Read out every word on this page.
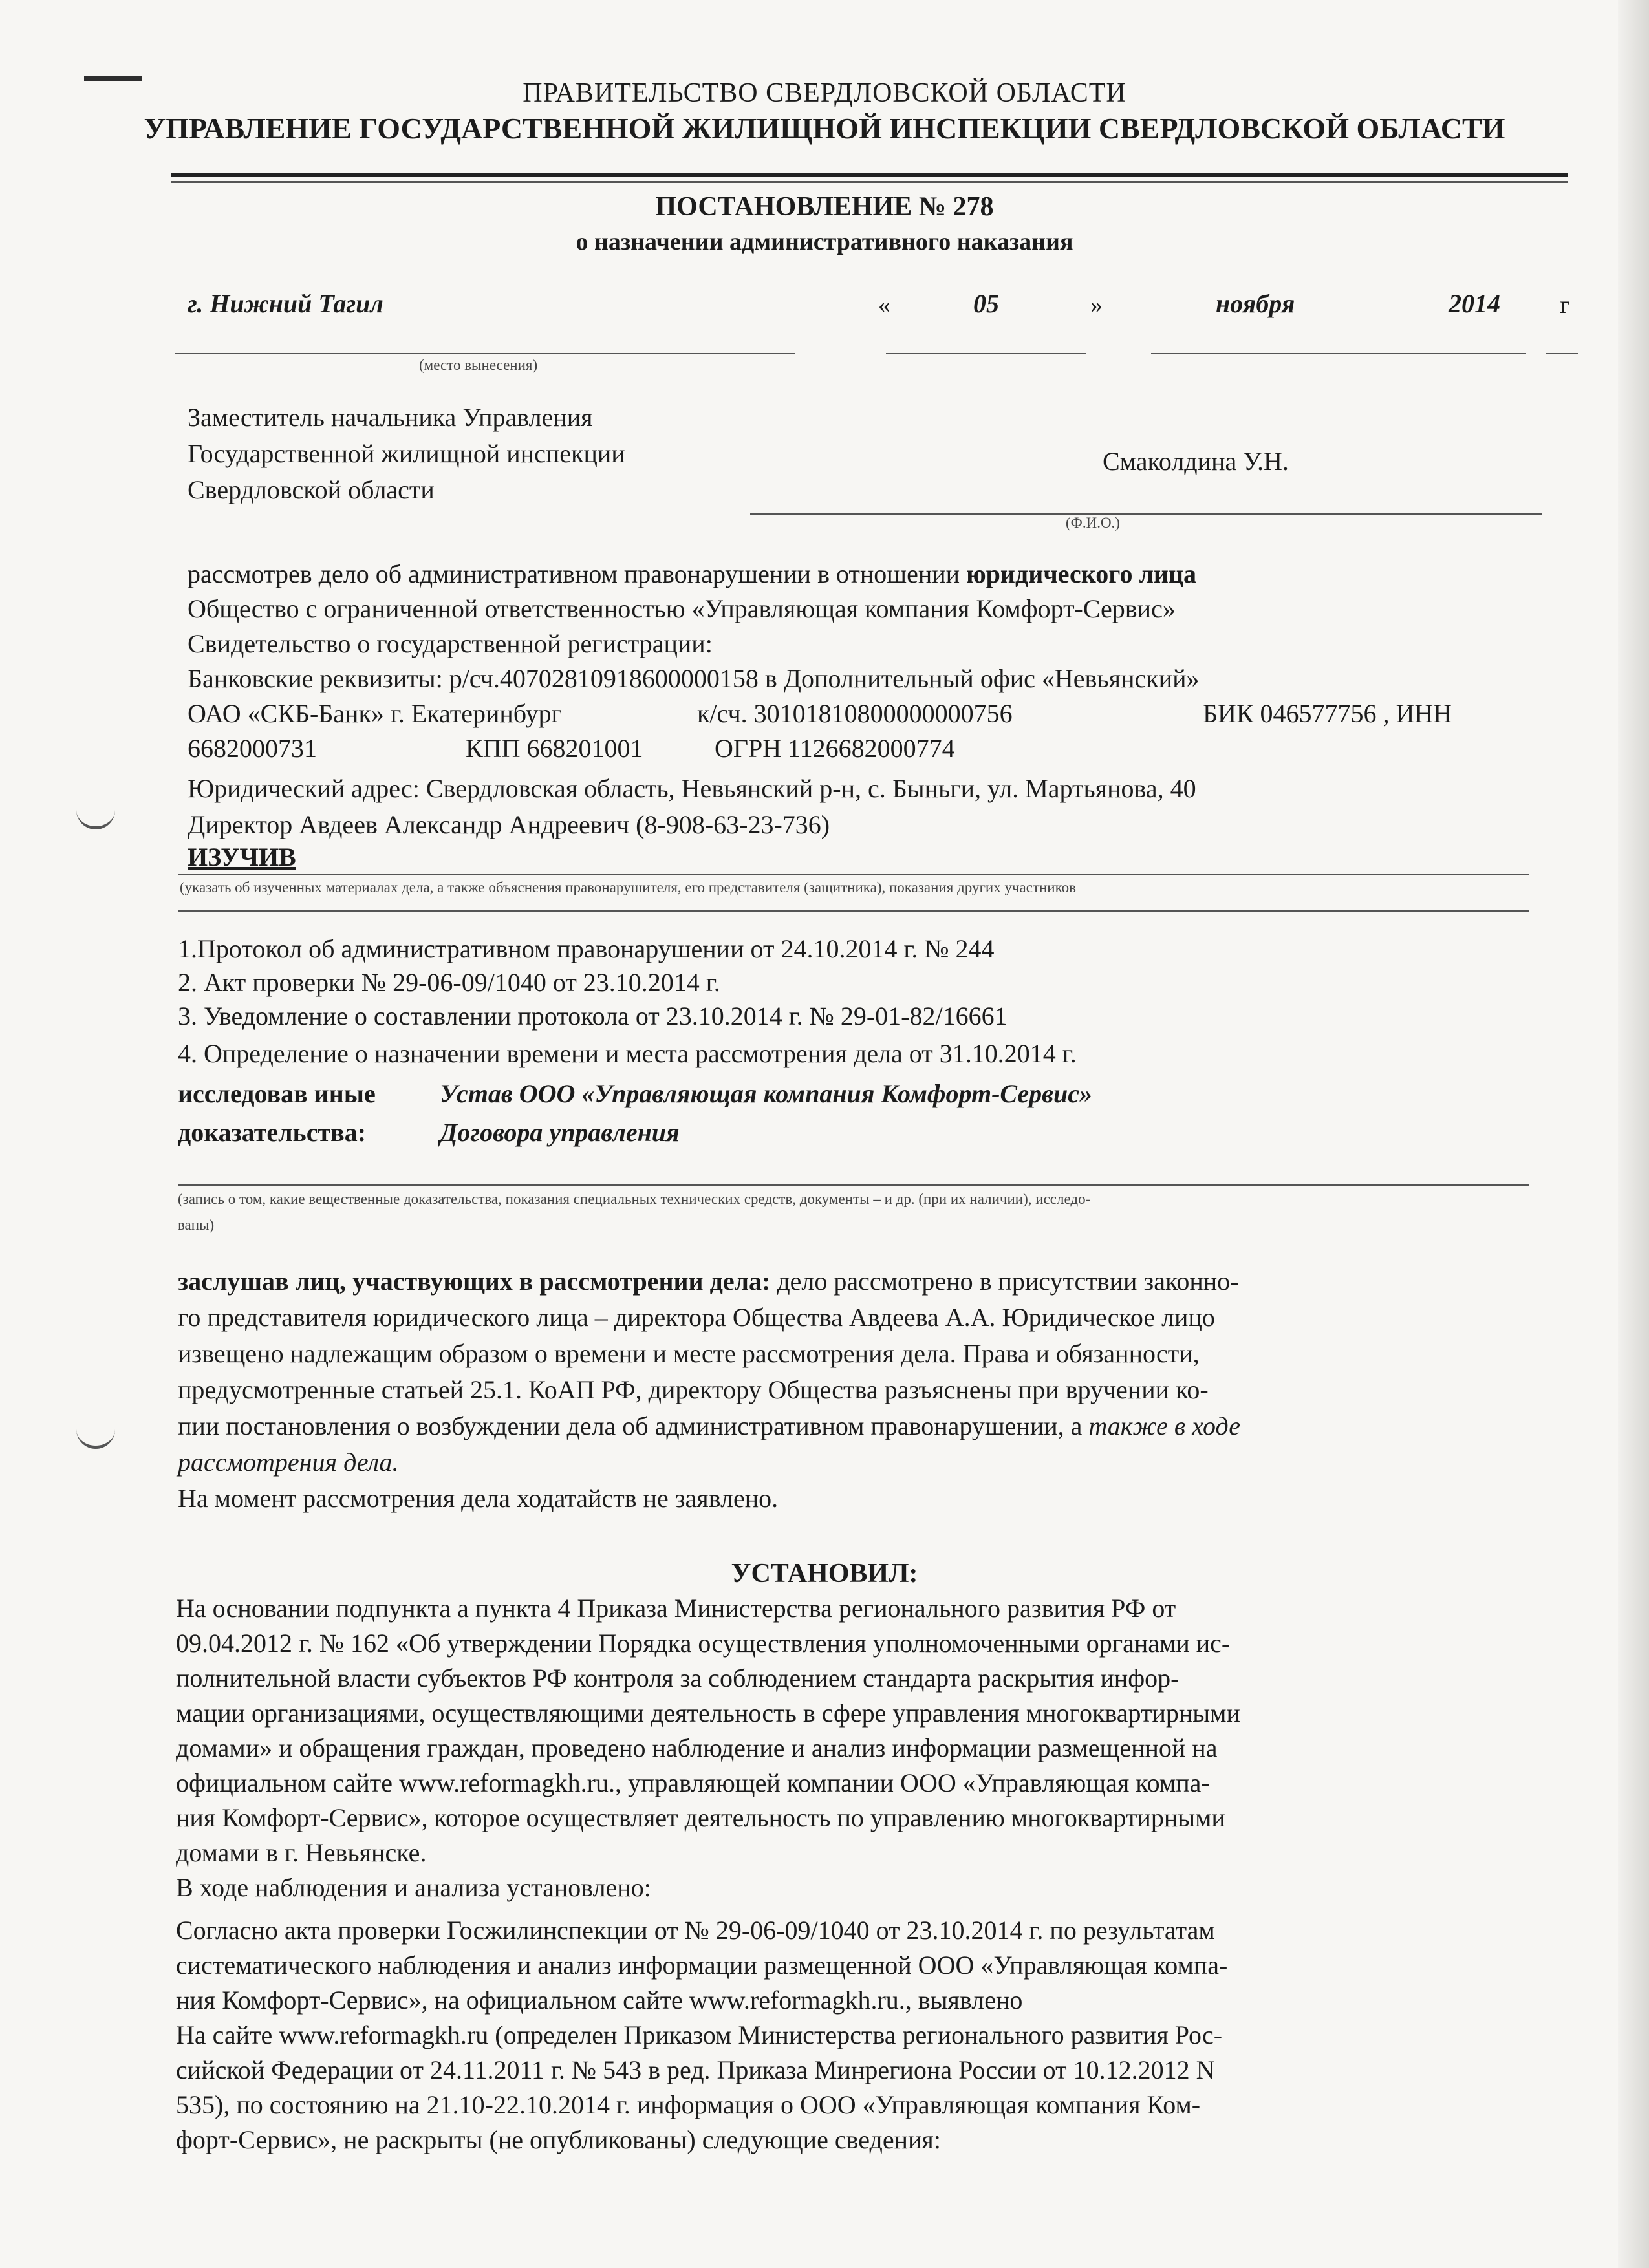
ПРАВИТЕЛЬСТВО СВЕРДЛОВСКОЙ ОБЛАСТИ
УПРАВЛЕНИЕ ГОСУДАРСТВЕННОЙ ЖИЛИЩНОЙ ИНСПЕКЦИИ СВЕРДЛОВСКОЙ ОБЛАСТИ
ПОСТАНОВЛЕНИЕ № 278
о назначении административного наказания
г. Нижний Тагил	«	05	»	ноября	2014 г
(место вынесения)
Заместитель начальника Управления
Государственной жилищной инспекции
Свердловской области
Смаколдина У.Н.
(Ф.И.О.)
рассмотрев дело об административном правонарушении в отношении юридического лица
Общество с ограниченной ответственностью «Управляющая компания Комфорт-Сервис»
Свидетельство о государственной регистрации:
Банковские реквизиты: р/сч.40702810918600000158 в Дополнительный офис «Невьянский»
ОАО «СКБ-Банк» г. Екатеринбург	к/сч. 30101810800000000756	БИК 046577756 , ИНН
6682000731	КПП 668201001	ОГРН 1126682000774
Юридический адрес: Свердловская область, Невьянский р-н, с. Быньги, ул. Мартьянова, 40
Директор Авдеев Александр Андреевич (8-908-63-23-736)
ИЗУЧИВ
(указать об изученных материалах дела, а также объяснения правонарушителя, его представителя (защитника), показания других участников
1.Протокол об административном правонарушении от 24.10.2014 г. № 244
2. Акт проверки № 29-06-09/1040 от 23.10.2014 г.
3. Уведомление о составлении протокола от 23.10.2014 г. № 29-01-82/16661
4. Определение о назначении времени и места рассмотрения дела от 31.10.2014 г.
исследовав иные Устав ООО «Управляющая компания Комфорт-Сервис»
доказательства:	Договора управления
(запись о том, какие вещественные доказательства, показания специальных технических средств, документы – и др. (при их наличии), исследо-
ваны)
заслушав лиц, участвующих в рассмотрении дела: дело рассмотрено в присутствии законно-
го представителя юридического лица – директора Общества Авдеева А.А. Юридическое лицо
извещено надлежащим образом о времени и месте рассмотрения дела. Права и обязанности,
предусмотренные статьей 25.1. КоАП РФ, директору Общества разъяснены при вручении ко-
пии постановления о возбуждении дела об административном правонарушении, а также в ходе
рассмотрения дела.
На момент рассмотрения дела ходатайств не заявлено.
УСТАНОВИЛ:
На основании подпункта а пункта 4 Приказа Министерства регионального развития РФ от
09.04.2012 г. № 162 «Об утверждении Порядка осуществления уполномоченными органами ис-
полнительной власти субъектов РФ контроля за соблюдением стандарта раскрытия инфор-
мации организациями, осуществляющими деятельность в сфере управления многоквартирными
домами» и обращения граждан, проведено наблюдение и анализ информации размещенной на
официальном сайте www.reformagkh.ru., управляющей компании ООО «Управляющая компа-
ния Комфорт-Сервис», которое осуществляет деятельность по управлению многоквартирными
домами в г. Невьянске.
В ходе наблюдения и анализа установлено:
Согласно акта проверки Госжилинспекции от № 29-06-09/1040 от 23.10.2014 г. по результатам
систематического наблюдения и анализ информации размещенной ООО «Управляющая компа-
ния Комфорт-Сервис», на официальном сайте www.reformagkh.ru., выявлено
На сайте www.reformagkh.ru (определен Приказом Министерства регионального развития Рос-
сийской Федерации от 24.11.2011 г. № 543 в ред. Приказа Минрегиона России от 10.12.2012 N
535), по состоянию на 21.10-22.10.2014 г. информация о ООО «Управляющая компания Ком-
форт-Сервис», не раскрыты (не опубликованы) следующие сведения:
